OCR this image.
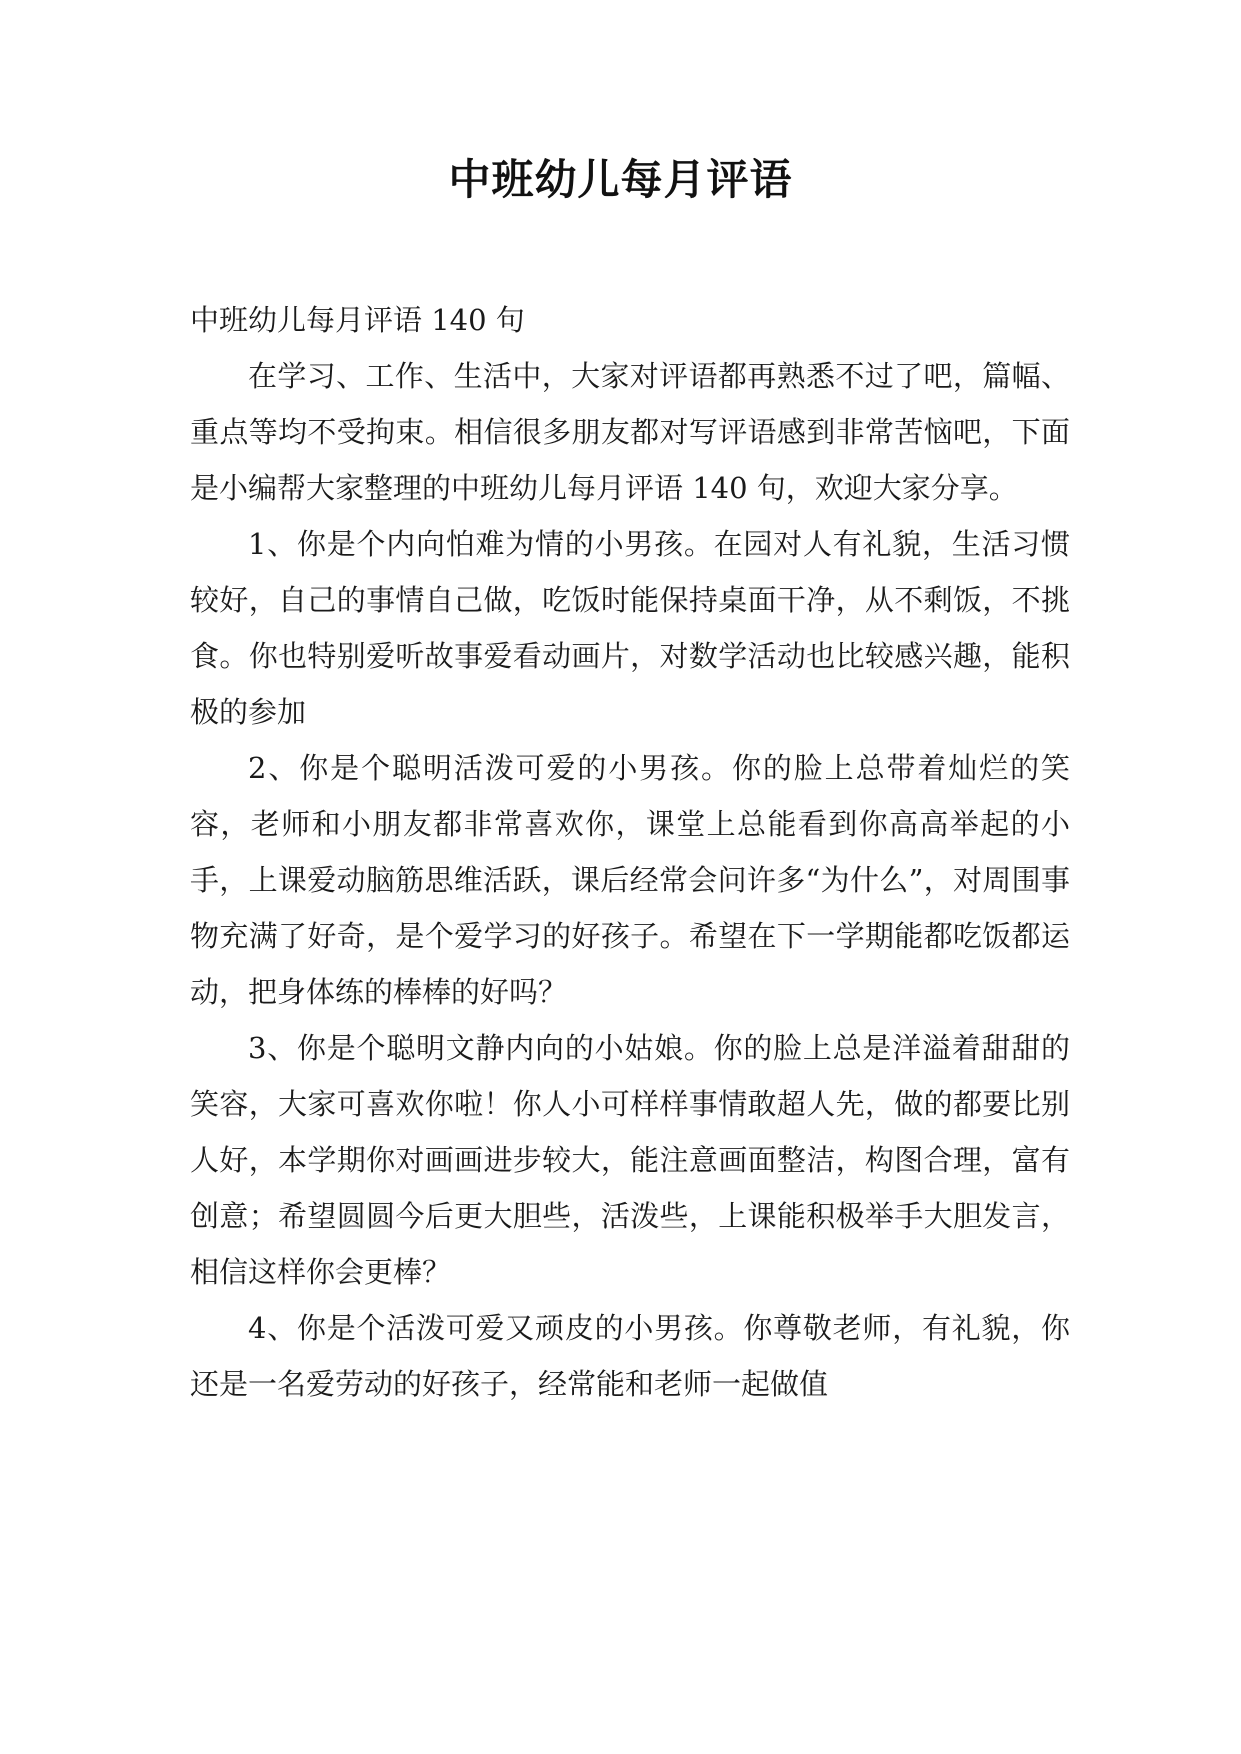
中班幼儿每月评语

中班幼儿每月评语 140 句

在学习、工作、生活中，大家对评语都再熟悉不过了吧，篇幅、重点等均不受拘束。相信很多朋友都对写评语感到非常苦恼吧，下面是小编帮大家整理的中班幼儿每月评语 140 句，欢迎大家分享。

1、你是个内向怕难为情的小男孩。在园对人有礼貌，生活习惯较好，自己的事情自己做，吃饭时能保持桌面干净，从不剩饭，不挑食。你也特别爱听故事爱看动画片，对数学活动也比较感兴趣，能积极的参加

2、你是个聪明活泼可爱的小男孩。你的脸上总带着灿烂的笑容，老师和小朋友都非常喜欢你，课堂上总能看到你高高举起的小手，上课爱动脑筋思维活跃，课后经常会问许多“为什么”，对周围事物充满了好奇，是个爱学习的好孩子。希望在下一学期能都吃饭都运动，把身体练的棒棒的好吗？

3、你是个聪明文静内向的小姑娘。你的脸上总是洋溢着甜甜的笑容，大家可喜欢你啦！你人小可样样事情敢超人先，做的都要比别人好，本学期你对画画进步较大，能注意画面整洁，构图合理，富有创意；希望圆圆今后更大胆些，活泼些，上课能积极举手大胆发言，相信这样你会更棒？

4、你是个活泼可爱又顽皮的小男孩。你尊敬老师，有礼貌，你还是一名爱劳动的好孩子，经常能和老师一起做值
